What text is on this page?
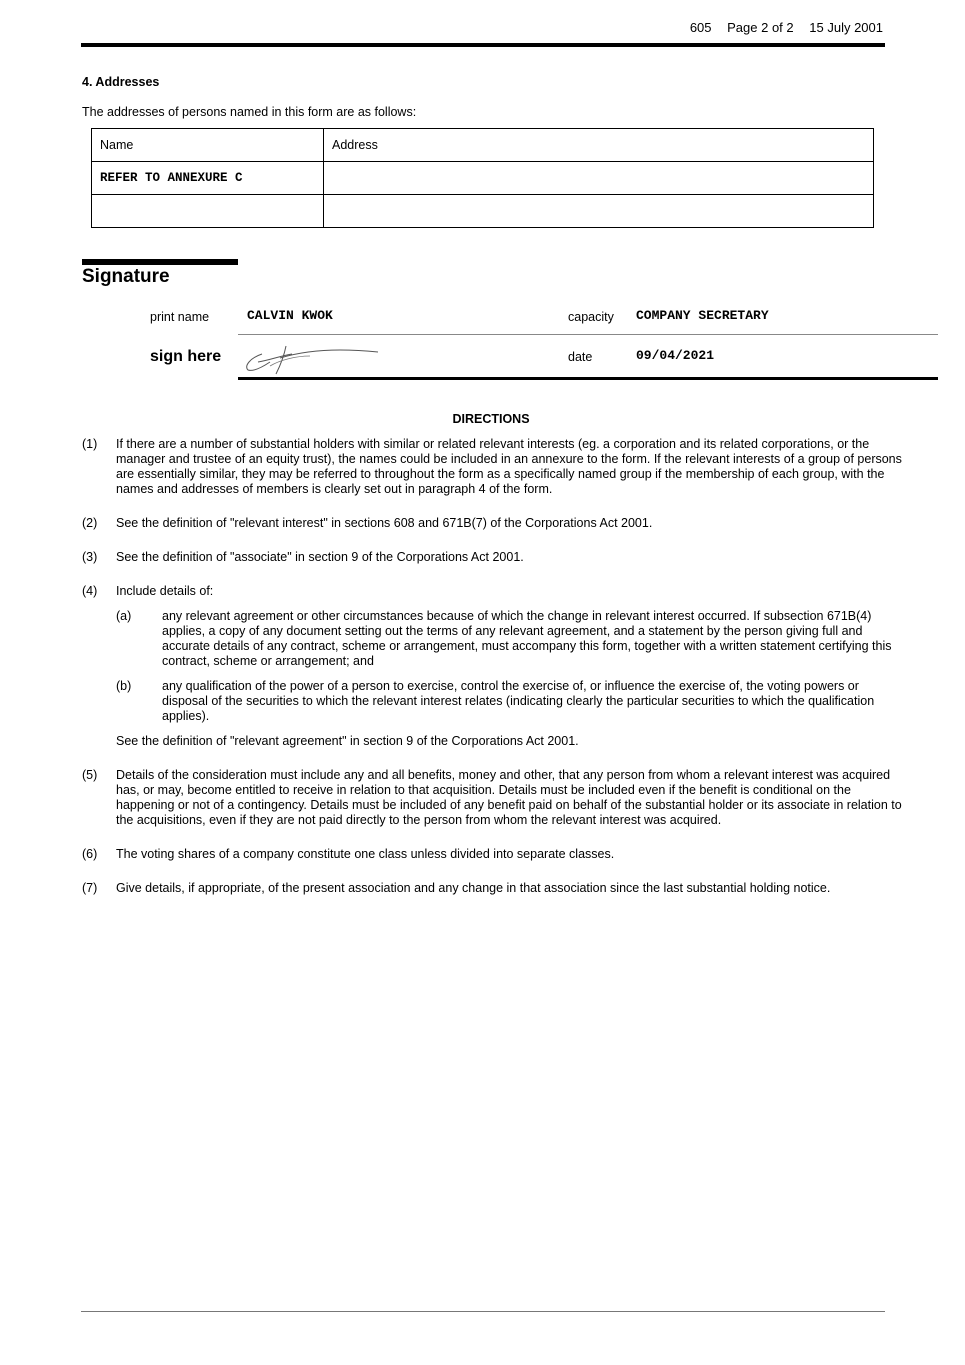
605 Page 2 of 2 15 July 2001
4. Addresses
The addresses of persons named in this form are as follows:
Name	Address
REFER TO ANNEXURE C	

Signature
print name	CALVIN KWOK	capacity COMPANY SECRETARY
sign here	date	09/04/2021
DIRECTIONS
(1)	If there are a number of substantial holders with similar or related relevant interests (eg. a corporation and its related corporations, or the manager and trustee of an equity trust), the names could be included in an annexure to the form. If the relevant interests of a group of persons are essentially similar, they may be referred to throughout the form as a specifically named group if the membership of each group, with the names and addresses of members is clearly set out in paragraph 4 of the form.
(2)	See the definition of "relevant interest" in sections 608 and 671B(7) of the Corporations Act 2001.
(3)	See the definition of "associate" in section 9 of the Corporations Act 2001.
(4)	Include details of:
(a)	any relevant agreement or other circumstances because of which the change in relevant interest occurred. If subsection 671B(4) applies, a copy of any document setting out the terms of any relevant agreement, and a statement by the person giving full and accurate details of any contract, scheme or arrangement, must accompany this form, together with a written statement certifying this contract, scheme or arrangement; and
(b)	any qualification of the power of a person to exercise, control the exercise of, or influence the exercise of, the voting powers or disposal of the securities to which the relevant interest relates (indicating clearly the particular securities to which the qualification applies).
See the definition of "relevant agreement" in section 9 of the Corporations Act 2001.
(5)	Details of the consideration must include any and all benefits, money and other, that any person from whom a relevant interest was acquired has, or may, become entitled to receive in relation to that acquisition. Details must be included even if the benefit is conditional on the happening or not of a contingency. Details must be included of any benefit paid on behalf of the substantial holder or its associate in relation to the acquisitions, even if they are not paid directly to the person from whom the relevant interest was acquired.
(6)	The voting shares of a company constitute one class unless divided into separate classes.
(7)	Give details, if appropriate, of the present association and any change in that association since the last substantial holding notice.
